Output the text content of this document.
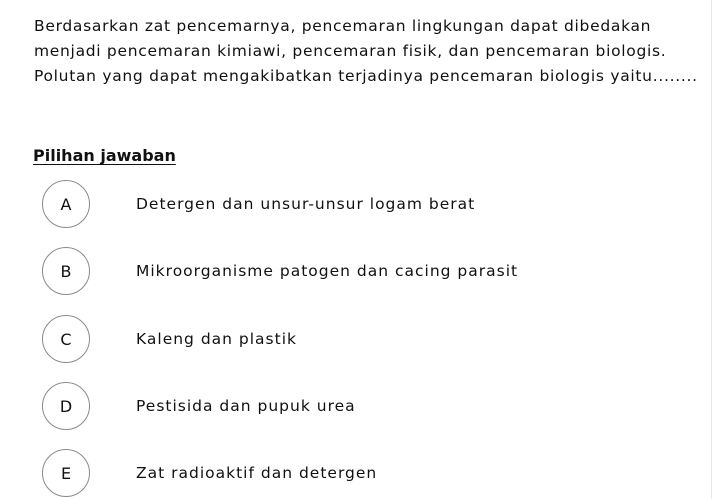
Berdasarkan zat pencemarnya, pencemaran lingkungan dapat dibedakan menjadi pencemaran kimiawi, pencemaran fisik, dan pencemaran biologis. Polutan yang dapat mengakibatkan terjadinya pencemaran biologis yaitu........

Pilihan jawaban

A	Detergen dan unsur-unsur logam berat
B	Mikroorganisme patogen dan cacing parasit
C	Kaleng dan plastik
D	Pestisida dan pupuk urea
E	Zat radioaktif dan detergen
